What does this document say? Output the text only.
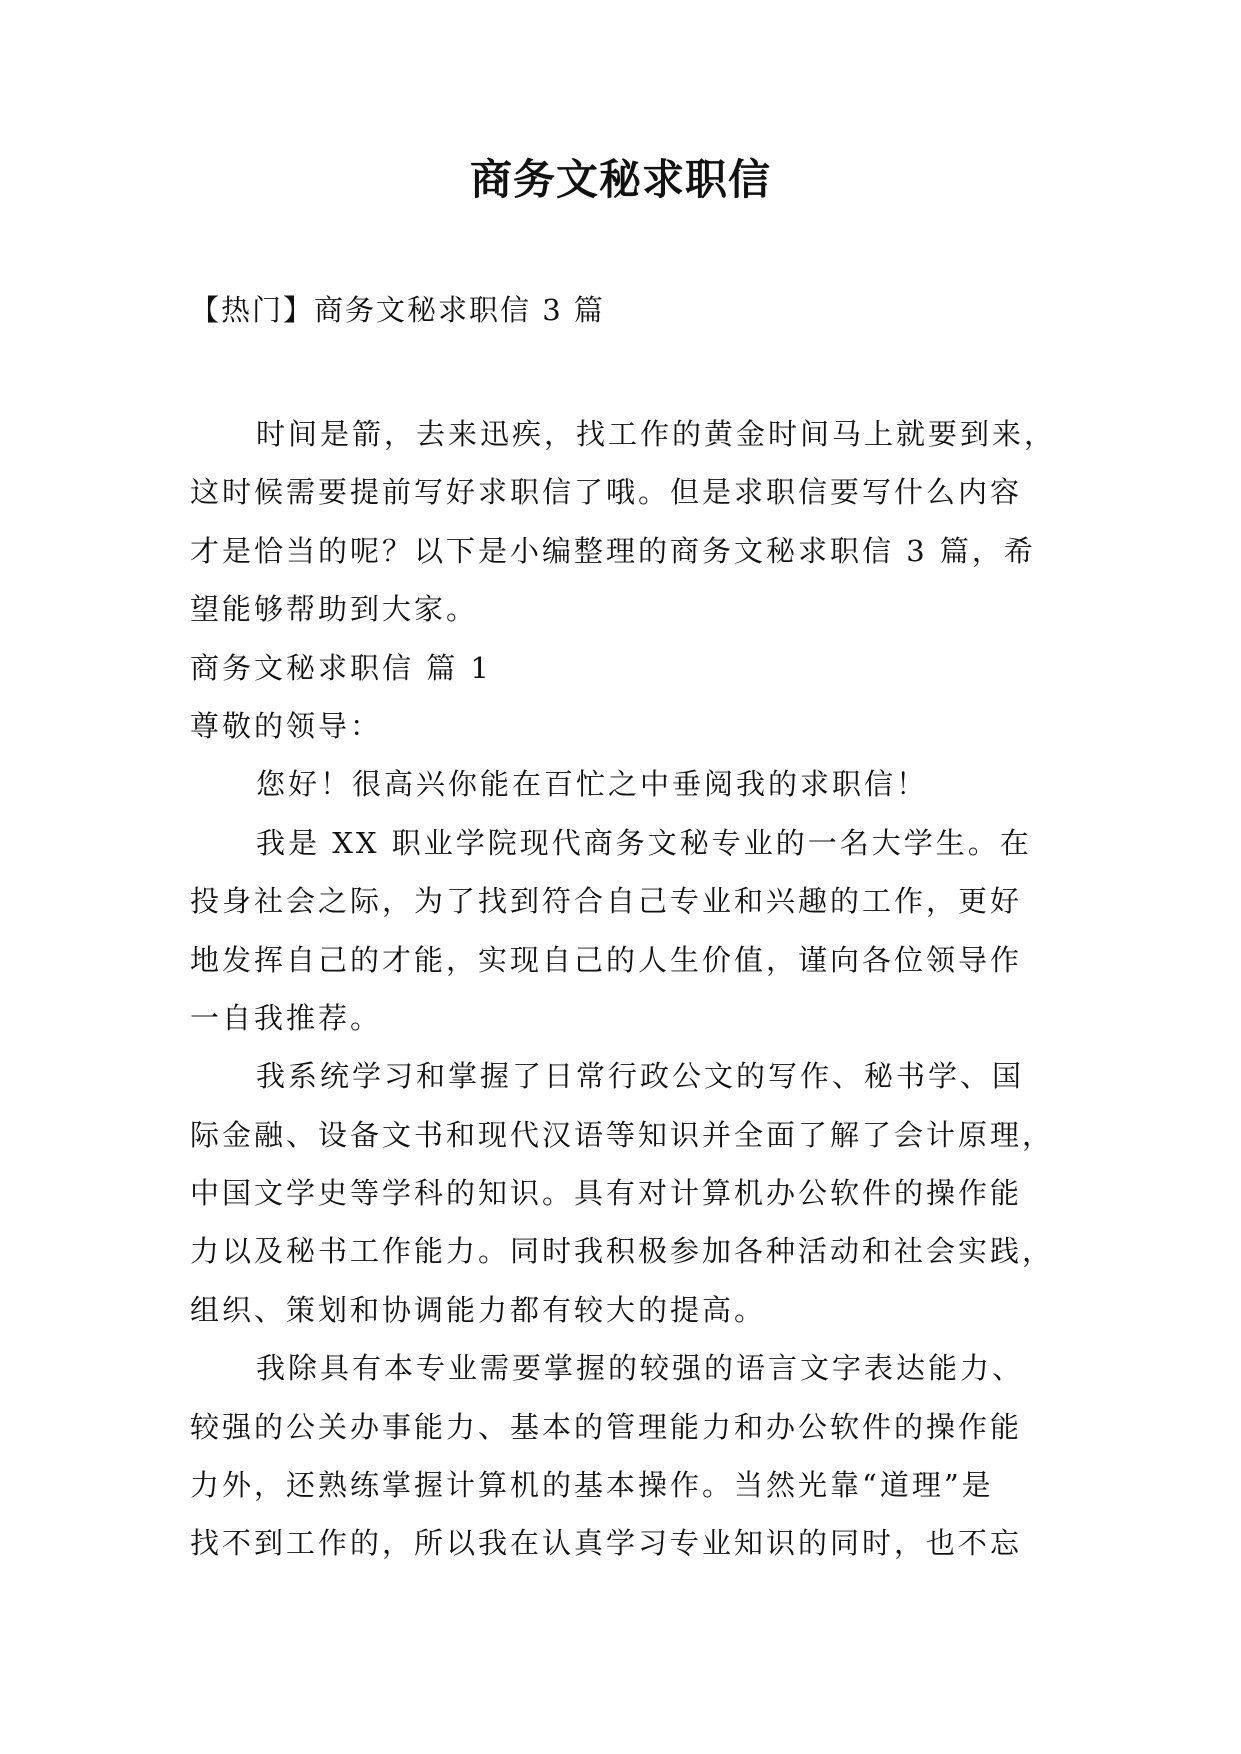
商务文秘求职信
【热门】商务文秘求职信 3 篇
时间是箭，去来迅疾，找工作的黄金时间马上就要到来，
这时候需要提前写好求职信了哦。但是求职信要写什么内容
才是恰当的呢？以下是小编整理的商务文秘求职信 3 篇，希
望能够帮助到大家。
商务文秘求职信 篇 1
尊敬的领导：
您好！很高兴你能在百忙之中垂阅我的求职信！
我是 XX 职业学院现代商务文秘专业的一名大学生。在
投身社会之际，为了找到符合自己专业和兴趣的工作，更好
地发挥自己的才能，实现自己的人生价值，谨向各位领导作
一自我推荐。
我系统学习和掌握了日常行政公文的写作、秘书学、国
际金融、设备文书和现代汉语等知识并全面了解了会计原理，
中国文学史等学科的知识。具有对计算机办公软件的操作能
力以及秘书工作能力。同时我积极参加各种活动和社会实践，
组织、策划和协调能力都有较大的提高。
我除具有本专业需要掌握的较强的语言文字表达能力、
较强的公关办事能力、基本的管理能力和办公软件的操作能
力外，还熟练掌握计算机的基本操作。当然光靠“道理”是
找不到工作的，所以我在认真学习专业知识的同时，也不忘
